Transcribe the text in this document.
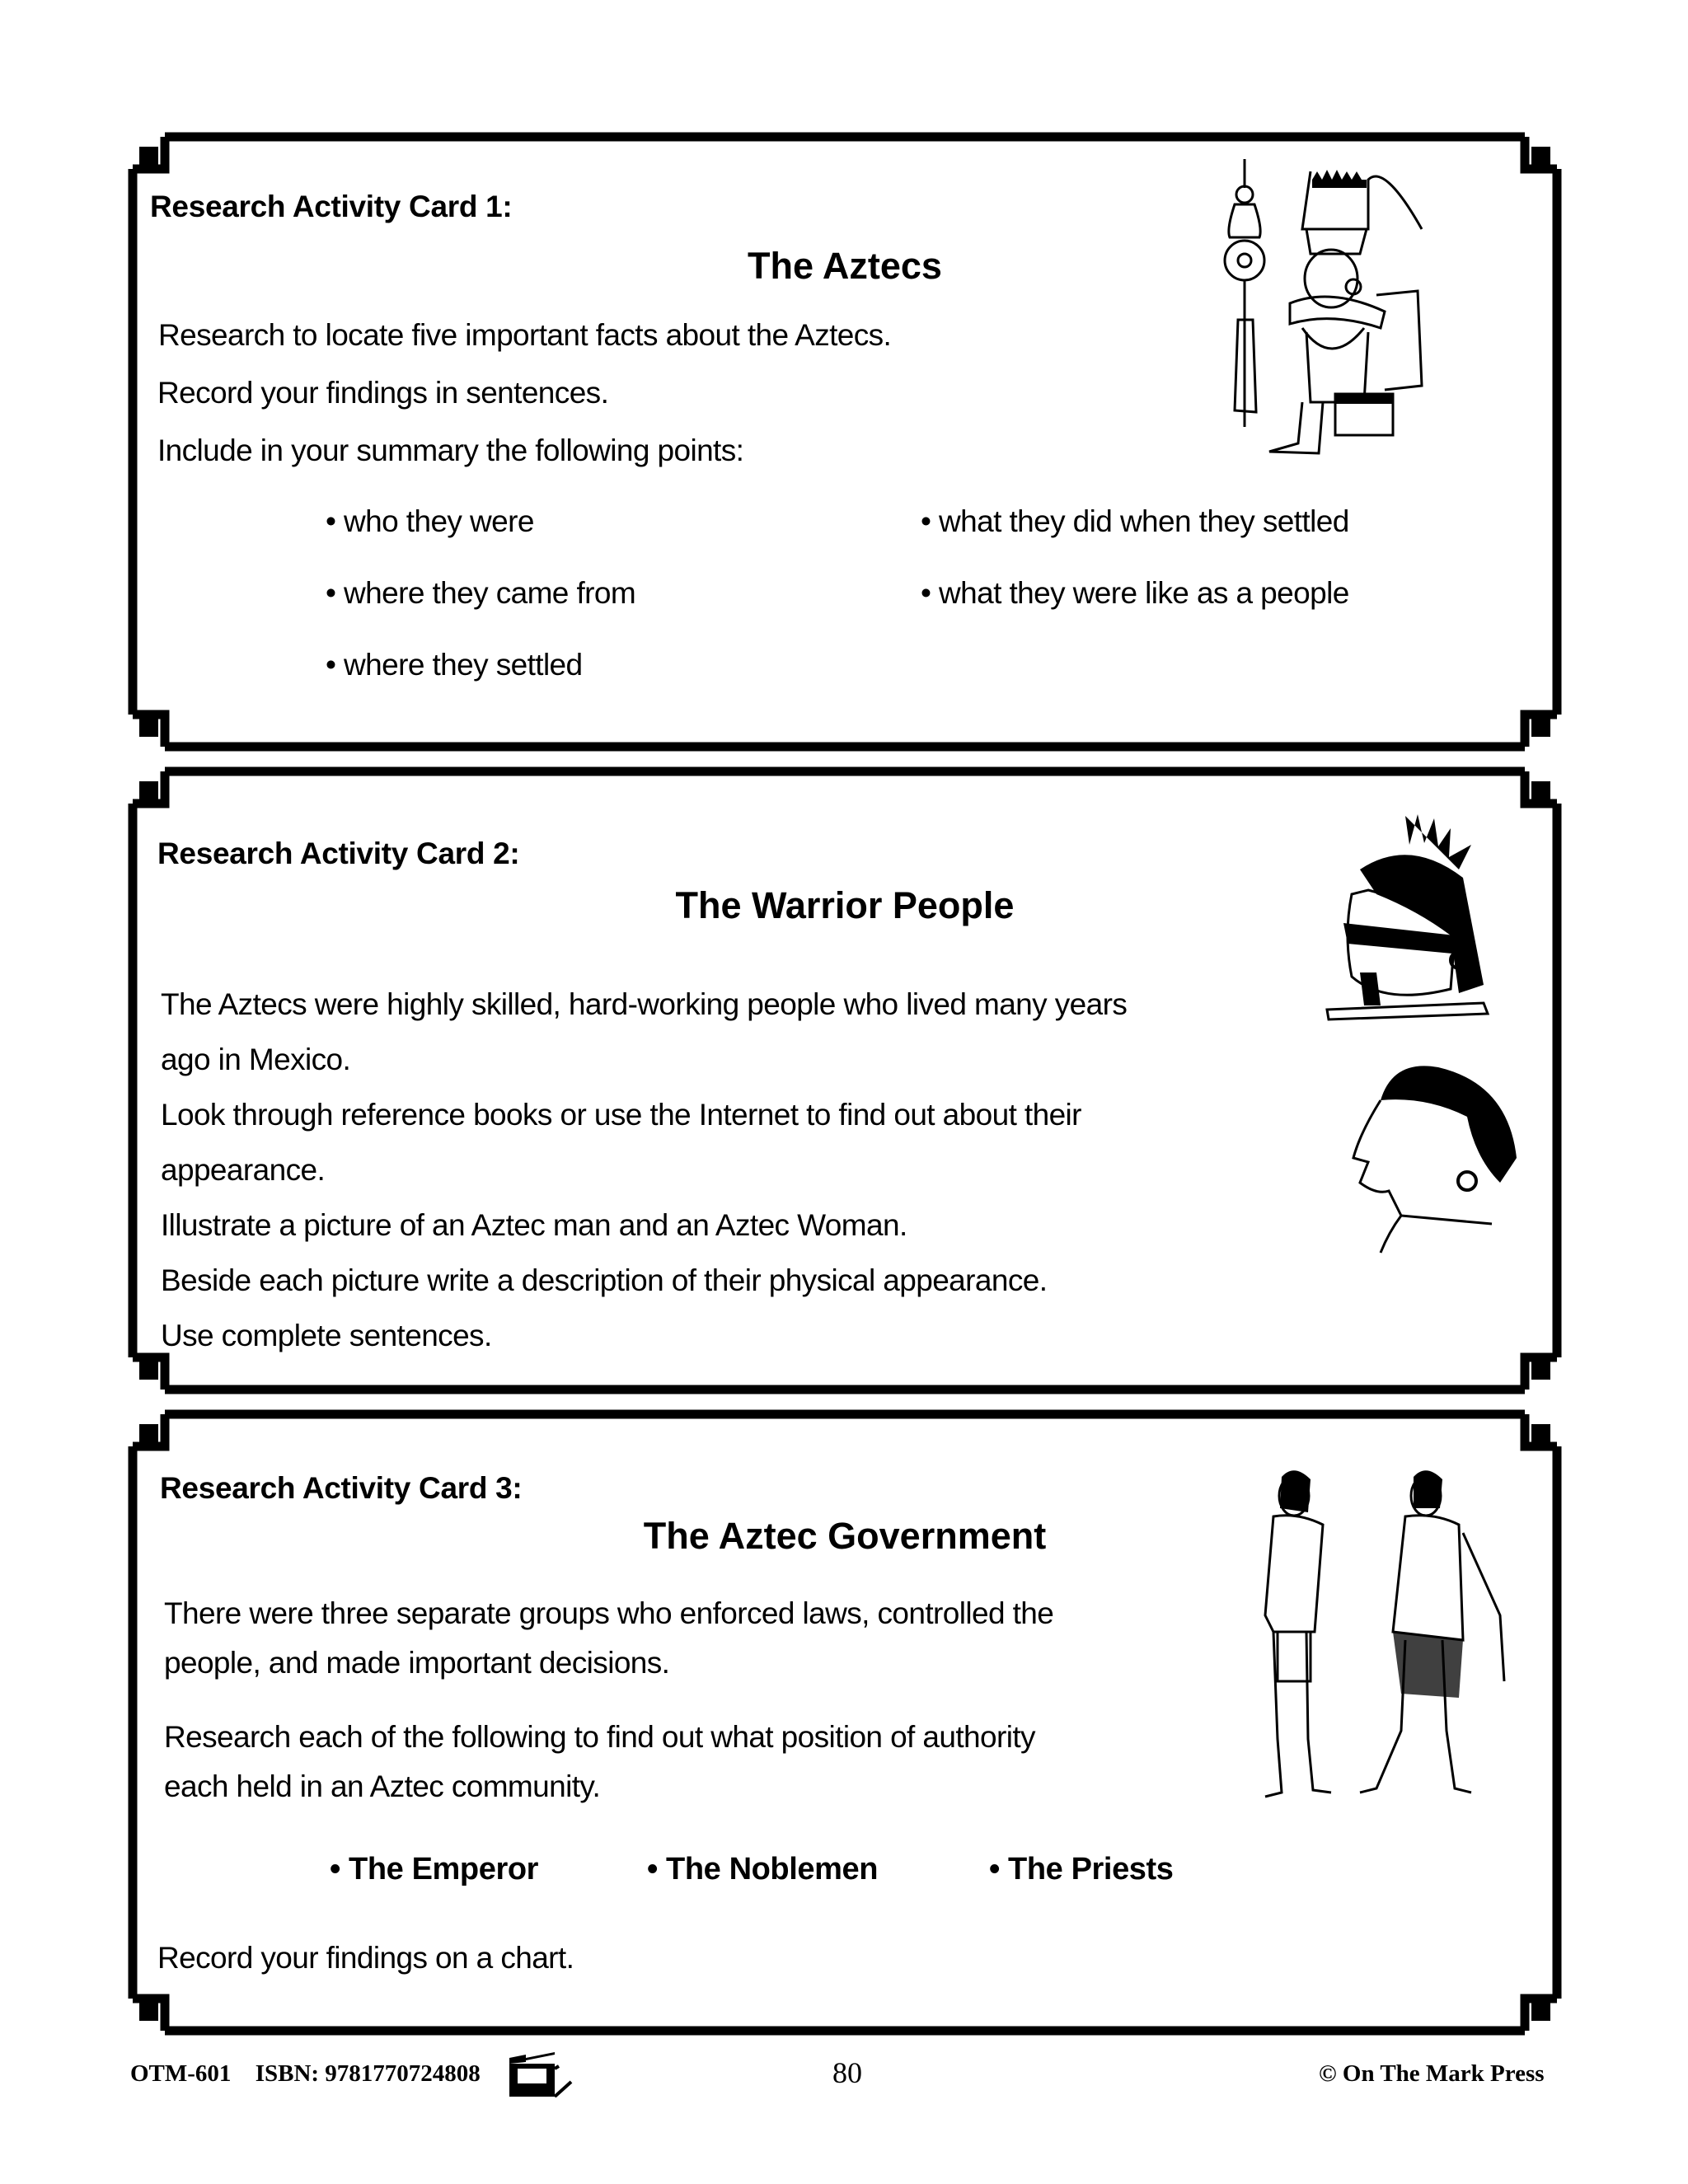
Research Activity Card 1:
The Aztecs
Research to locate five important facts about the Aztecs.
Record your findings in sentences.
Include in your summary the following points:
• who they were
• where they came from
• where they settled
• what they did when they settled
• what they were like as a people
Research Activity Card 2:
The Warrior People
The Aztecs were highly skilled, hard-working people who lived many years
ago in Mexico.
Look through reference books or use the Internet to find out about their
appearance.
Illustrate a picture of an Aztec man and an Aztec Woman.
Beside each picture write a description of their physical appearance.
Use complete sentences.
Research Activity Card 3:
The Aztec Government
There were three separate groups who enforced laws, controlled the
people, and made important decisions.
Research each of the following to find out what position of authority
each held in an Aztec community.
• The Emperor	• The Noblemen	• The Priests
Record your findings on a chart.
OTM-601 ISBN: 9781770724808	80	© On The Mark Press
